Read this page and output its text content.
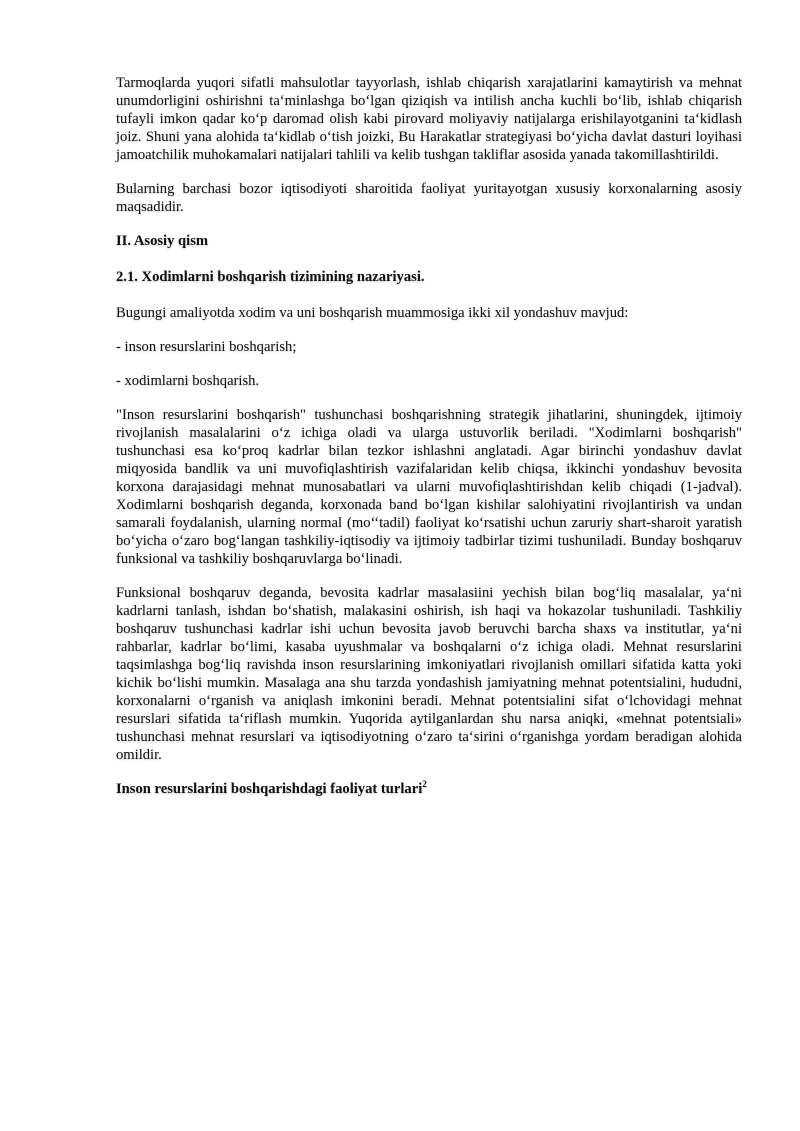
Tarmoqlarda yuqori sifatli mahsulotlar tayyorlash, ishlab chiqarish xarajatlarini kamaytirish va mehnat unumdorligini oshirishni ta‘minlashga bo‘lgan qiziqish va intilish ancha kuchli bo‘lib, ishlab chiqarish tufayli imkon qadar ko‘p daromad olish kabi pirovard moliyaviy natijalarga erishilayotganini ta‘kidlash joiz. Shuni yana alohida ta‘kidlab o‘tish joizki, Bu Harakatlar strategiyasi bo‘yicha davlat dasturi loyihasi jamoatchilik muhokamalari natijalari tahlili va kelib tushgan takliflar asosida yanada takomillashtirildi.

Bularning barchasi bozor iqtisodiyoti sharoitida faoliyat yuritayotgan xususiy korxonalarning asosiy maqsadidir.

II. Asosiy qism

2.1. Xodimlarni boshqarish tizimining nazariyasi.

Bugungi amaliyotda xodim va uni boshqarish muammosiga ikki xil yondashuv mavjud:

- inson resurslarini boshqarish;

- xodimlarni boshqarish.

"Inson resurslarini boshqarish" tushunchasi boshqarishning strategik jihatlarini, shuningdek, ijtimoiy rivojlanish masalalarini o‘z ichiga oladi va ularga ustuvorlik beriladi. "Xodimlarni boshqarish" tushunchasi esa ko‘proq kadrlar bilan tezkor ishlashni anglatadi. Agar birinchi yondashuv davlat miqyosida bandlik va uni muvofiqlashtirish vazifalaridan kelib chiqsa, ikkinchi yondashuv bevosita korxona darajasidagi mehnat munosabatlari va ularni muvofiqlashtirishdan kelib chiqadi (1-jadval). Xodimlarni boshqarish deganda, korxonada band bo‘lgan kishilar salohiyatini rivojlantirish va undan samarali foydalanish, ularning normal (mo‘‘tadil) faoliyat ko‘rsatishi uchun zaruriy shart-sharoit yaratish bo‘yicha o‘zaro bog‘langan tashkiliy-iqtisodiy va ijtimoiy tadbirlar tizimi tushuniladi. Bunday boshqaruv funksional va tashkiliy boshqaruvlarga bo‘linadi.

Funksional boshqaruv deganda, bevosita kadrlar masalasiini yechish bilan bog‘liq masalalar, ya‘ni kadrlarni tanlash, ishdan bo‘shatish, malakasini oshirish, ish haqi va hokazolar tushuniladi. Tashkiliy boshqaruv tushunchasi kadrlar ishi uchun bevosita javob beruvchi barcha shaxs va institutlar, ya‘ni rahbarlar, kadrlar bo‘limi, kasaba uyushmalar va boshqalarni o‘z ichiga oladi. Mehnat resurslarini taqsimlashga bog‘liq ravishda inson resurslarining imkoniyatlari rivojlanish omillari sifatida katta yoki kichik bo‘lishi mumkin. Masalaga ana shu tarzda yondashish jamiyatning mehnat potentsialini, hududni, korxonalarni o‘rganish va aniqlash imkonini beradi. Mehnat potentsialini sifat o‘lchovidagi mehnat resurslari sifatida ta‘riflash mumkin. Yuqorida aytilganlardan shu narsa aniqki, «mehnat potentsiali» tushunchasi mehnat resurslari va iqtisodiyotning o‘zaro ta‘sirini o‘rganishga yordam beradigan alohida omildir.

Inson resurslarini boshqarishdagi faoliyat turlari$^2$
